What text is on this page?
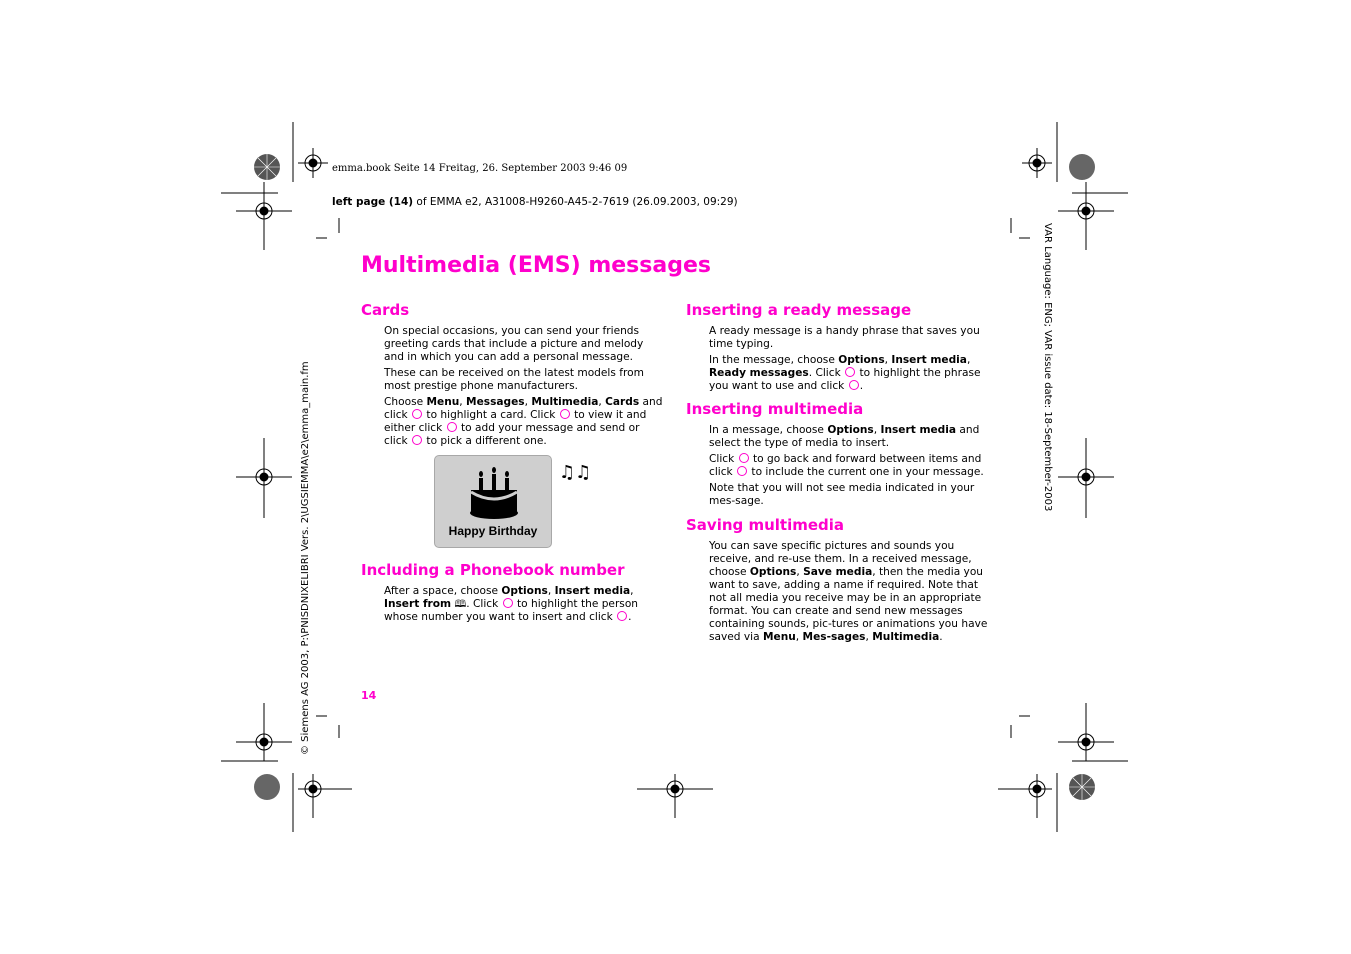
emma.book Seite 14 Freitag, 26. September 2003 9:46 09
left page (14) of EMMA e2, A31008-H9260-A45-2-7619 (26.09.2003, 09:29)
© Siemens AG 2003, P:\PNISDNIXELIBRI Vers. 2\UGSIEMMA\e2\emma_main.fm	VAR Language: ENG; VAR issue date: 18-September-2003
Multimedia (EMS) messages
Cards

On special occasions, you can send your friends greeting cards that include a picture and melody and in which you can add a personal message.

These can be received on the latest models from most prestige phone manufacturers.

Choose Menu, Messages, Multimedia, Cards and click  to highlight a card. Click  to view it and either click  to add your message and send or click  to pick a different one.

Happy Birthday
♫♫
Including a Phonebook number

After a space, choose Options, Insert media, Insert from 🕮. Click  to highlight the person whose number you want to insert and click .

14
Inserting a ready message

A ready message is a handy phrase that saves you time typing.

In the message, choose Options, Insert media, Ready messages. Click  to highlight the phrase you want to use and click .

Inserting multimedia

In a message, choose Options, Insert media and select the type of media to insert.

Click  to go back and forward between items and click  to include the current one in your message.

Note that you will not see media indicated in your mes-sage.

Saving multimedia

You can save specific pictures and sounds you receive, and re-use them. In a received message, choose Options, Save media, then the media you want to save, adding a name if required. Note that not all media you receive may be in an appropriate format. You can create and send new messages containing sounds, pic-tures or animations you have saved via Menu, Mes-sages, Multimedia.
